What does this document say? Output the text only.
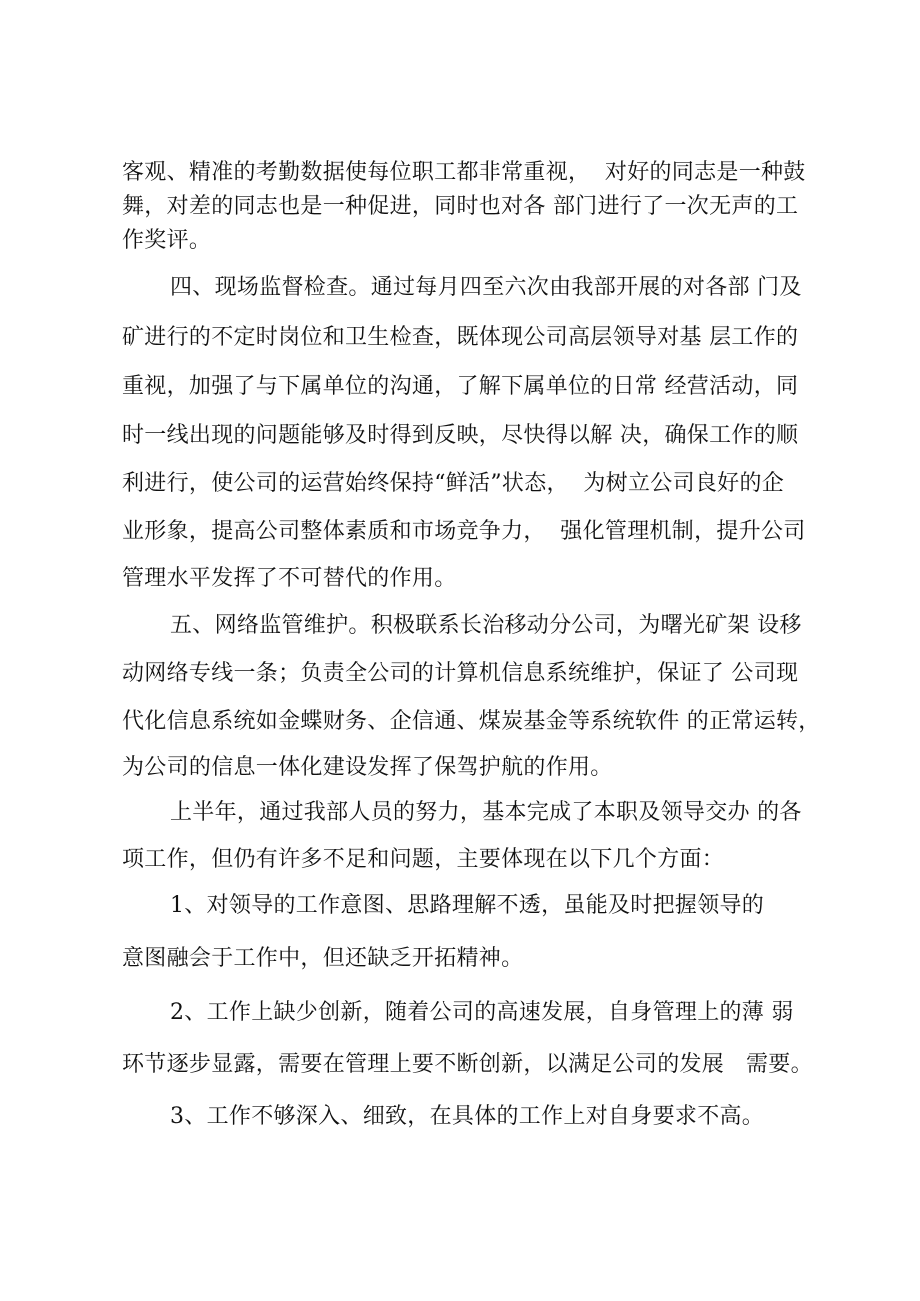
客观、精准的考勤数据使每位职工都非常重视，  对好的同志是一种鼓
舞，对差的同志也是一种促进，同时也对各 部门进行了一次无声的工
作奖评。
四、现场监督检查。通过每月四至六次由我部开展的对各部 门及
矿进行的不定时岗位和卫生检查，既体现公司高层领导对基 层工作的
重视，加强了与下属单位的沟通，了解下属单位的日常 经营活动，同
时一线出现的问题能够及时得到反映，尽快得以解 决，确保工作的顺
利进行，使公司的运营始终保持“鲜活”状态，  为树立公司良好的企
业形象，提高公司整体素质和市场竞争力，  强化管理机制，提升公司
管理水平发挥了不可替代的作用。
五、网络监管维护。积极联系长治移动分公司，为曙光矿架 设移
动网络专线一条；负责全公司的计算机信息系统维护，保证了 公司现
代化信息系统如金蝶财务、企信通、煤炭基金等系统软件 的正常运转，
为公司的信息一体化建设发挥了保驾护航的作用。
上半年，通过我部人员的努力，基本完成了本职及领导交办 的各
项工作，但仍有许多不足和问题，主要体现在以下几个方面：
1、对领导的工作意图、思路理解不透，虽能及时把握领导的
意图融会于工作中，但还缺乏开拓精神。
2、工作上缺少创新，随着公司的高速发展，自身管理上的薄 弱
环节逐步显露，需要在管理上要不断创新，以满足公司的发展   需要。
3、工作不够深入、细致，在具体的工作上对自身要求不高。
